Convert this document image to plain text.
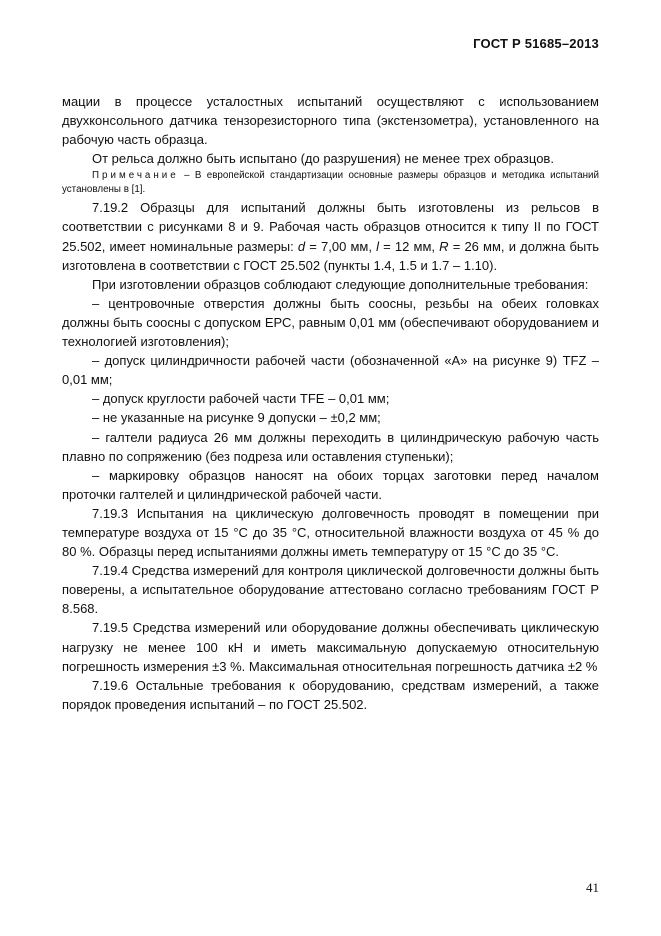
ГОСТ Р 51685–2013

мации в процессе усталостных испытаний осуществляют с использованием двухконсольного датчика тензорезисторного типа (экстензометра), установленного на рабочую часть образца.

От рельса должно быть испытано (до разрушения) не менее трех образцов.

Примечание – В европейской стандартизации основные размеры образцов и методика испытаний установлены в [1].

7.19.2 Образцы для испытаний должны быть изготовлены из рельсов в соответствии с рисунками 8 и 9. Рабочая часть образцов относится к типу II по ГОСТ 25.502, имеет номинальные размеры: d = 7,00 мм, l = 12 мм, R = 26 мм, и должна быть изготовлена в соответствии с ГОСТ 25.502 (пункты 1.4, 1.5 и 1.7 – 1.10).

При изготовлении образцов соблюдают следующие дополнительные требования:

– центровочные отверстия должны быть соосны, резьбы на обеих головках должны быть соосны с допуском ЕРС, равным 0,01 мм (обеспечивают оборудованием и технологией изготовления);

– допуск цилиндричности рабочей части (обозначенной «А» на рисунке 9) TFZ – 0,01 мм;

– допуск круглости рабочей части TFE – 0,01 мм;

– не указанные на рисунке 9 допуски – ±0,2 мм;

– галтели радиуса 26 мм должны переходить в цилиндрическую рабочую часть плавно по сопряжению (без подреза или оставления ступеньки);

– маркировку образцов наносят на обоих торцах заготовки перед началом проточки галтелей и цилиндрической рабочей части.

7.19.3 Испытания на циклическую долговечность проводят в помещении при температуре воздуха от 15 °С до 35 °С, относительной влажности воздуха от 45 % до 80 %. Образцы перед испытаниями должны иметь температуру от 15 °С до 35 °С.

7.19.4 Средства измерений для контроля циклической долговечности должны быть поверены, а испытательное оборудование аттестовано согласно требованиям ГОСТ Р 8.568.

7.19.5 Средства измерений или оборудование должны обеспечивать циклическую нагрузку не менее 100 кН и иметь максимальную допускаемую относительную погрешность измерения ±3 %. Максимальная относительная погрешность датчика ±2 %

7.19.6 Остальные требования к оборудованию, средствам измерений, а также порядок проведения испытаний – по ГОСТ 25.502.

41
